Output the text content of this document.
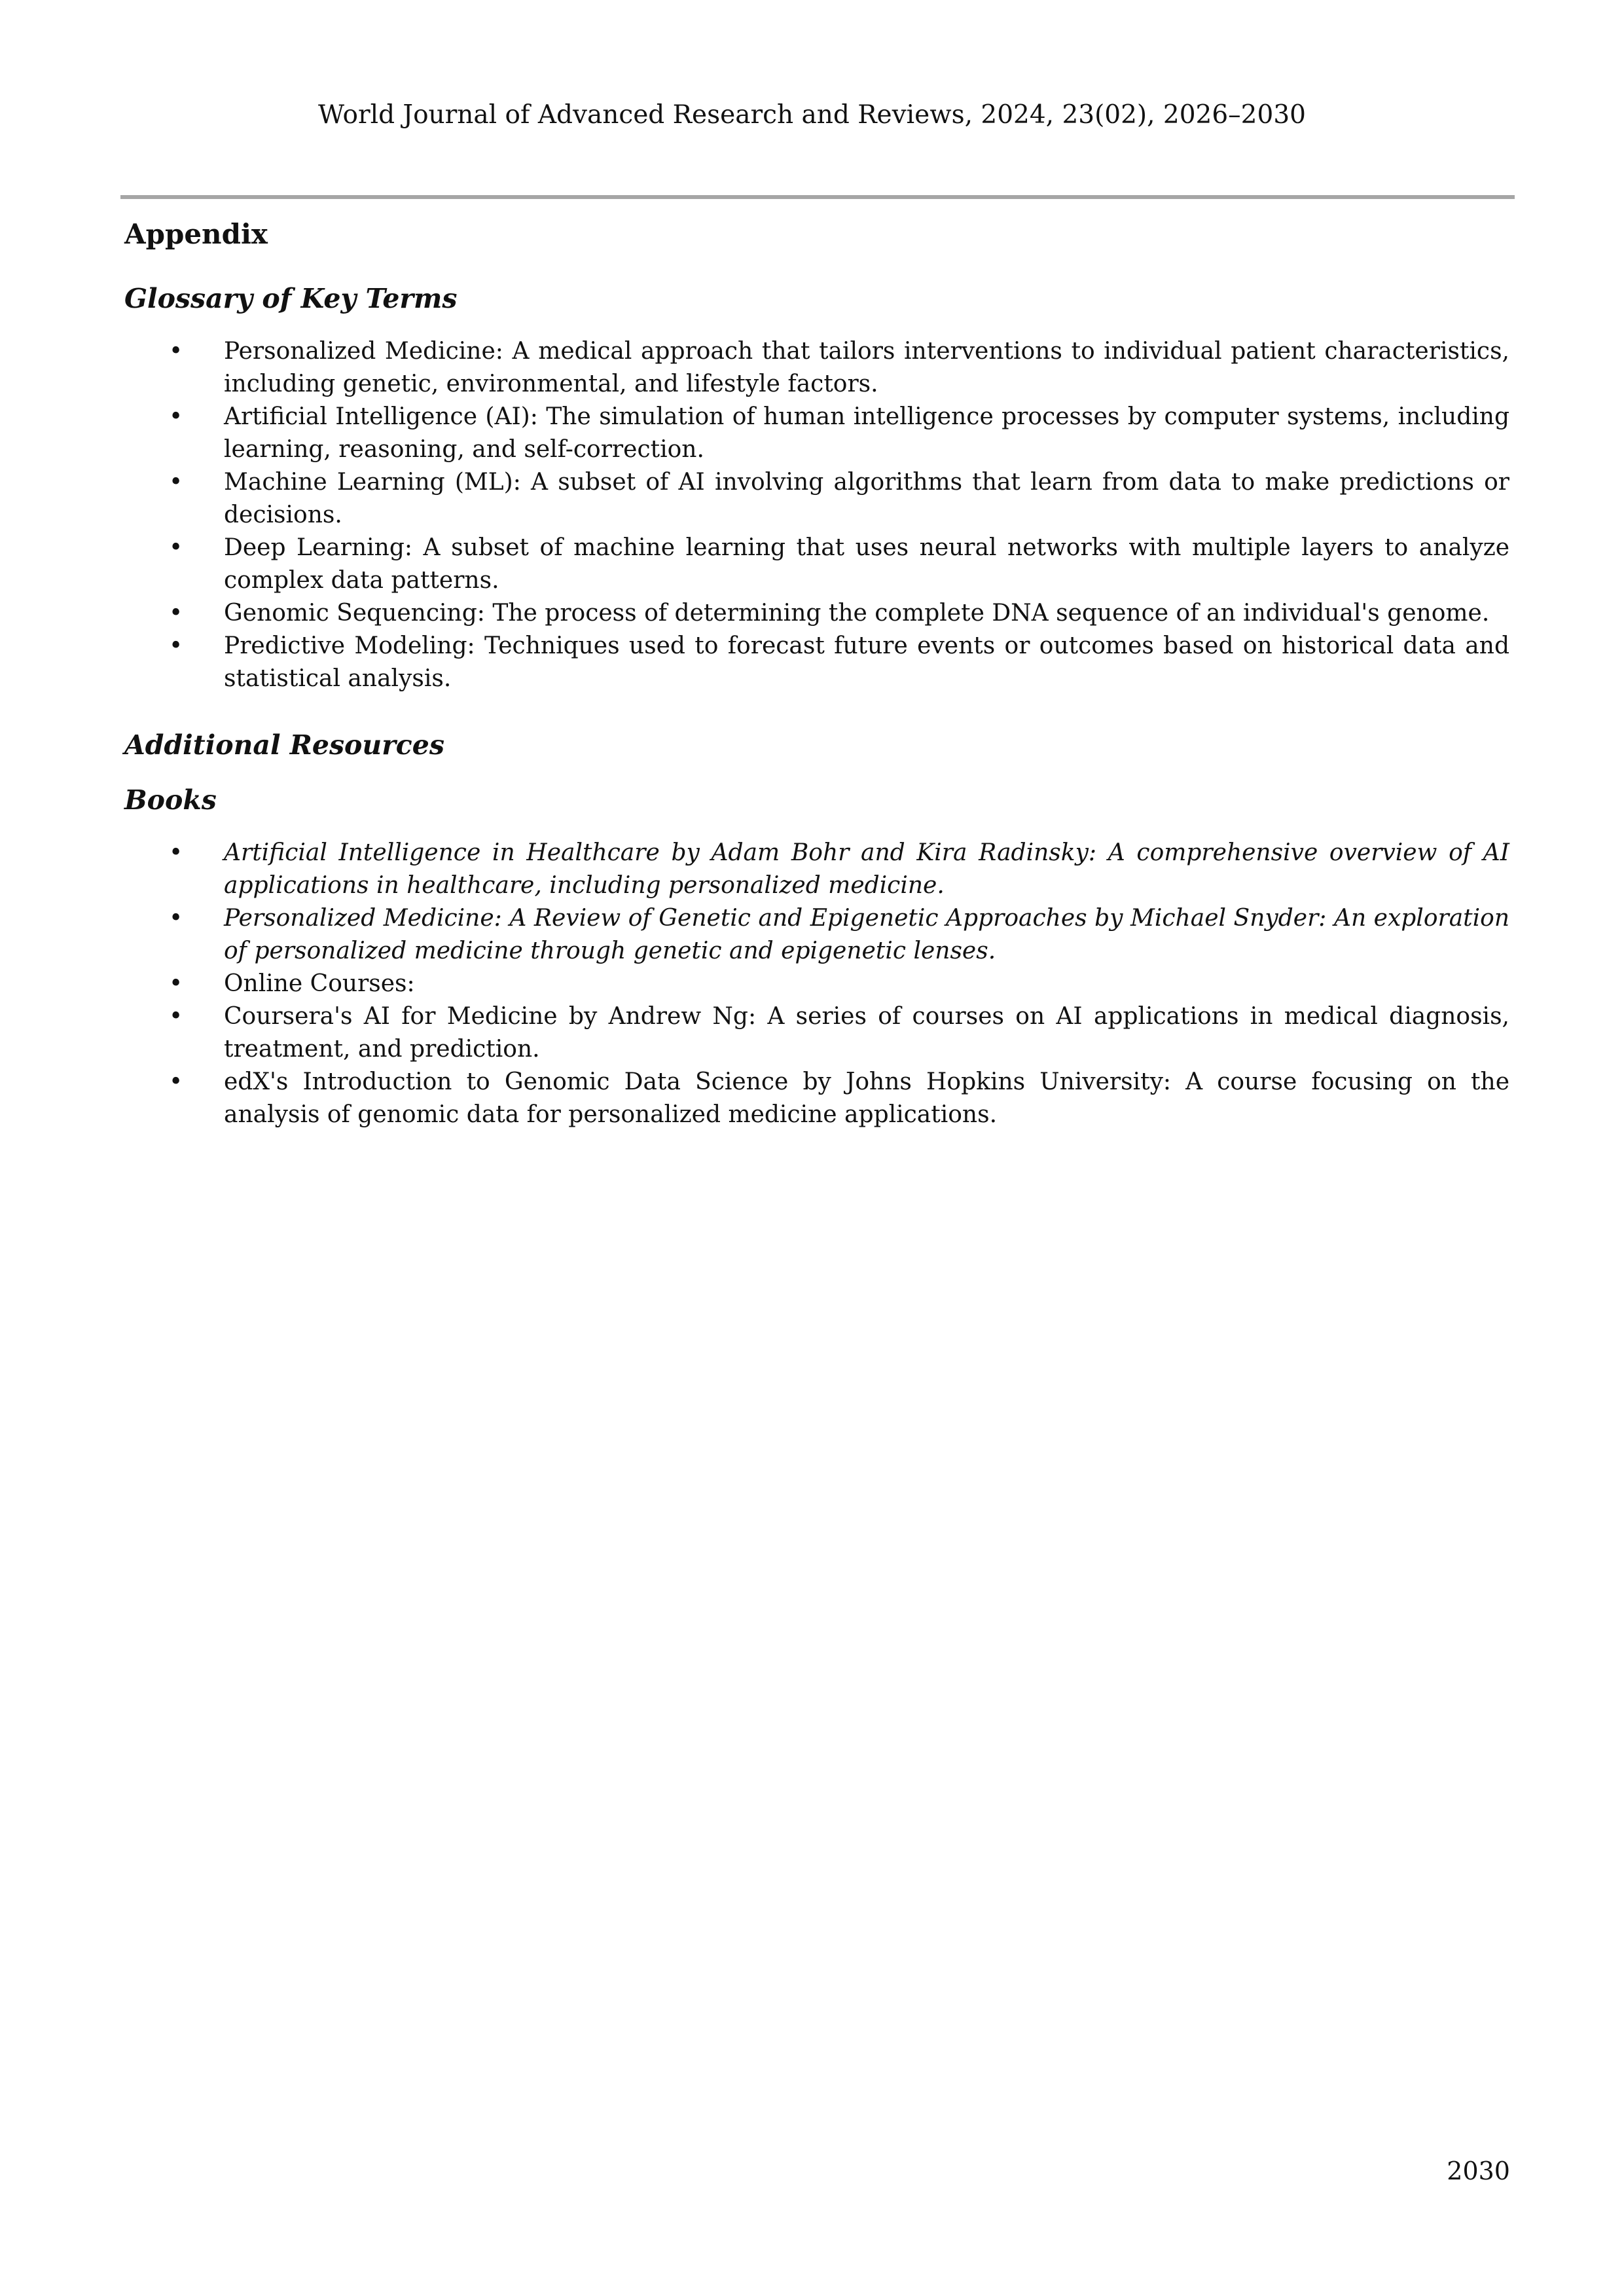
World Journal of Advanced Research and Reviews, 2024, 23(02), 2026–2030
Appendix
Glossary of Key Terms
• Personalized Medicine: A medical approach that tailors interventions to individual patient characteristics, including genetic, environmental, and lifestyle factors.
• Artificial Intelligence (AI): The simulation of human intelligence processes by computer systems, including learning, reasoning, and self-correction.
• Machine Learning (ML): A subset of AI involving algorithms that learn from data to make predictions or decisions.
• Deep Learning: A subset of machine learning that uses neural networks with multiple layers to analyze complex data patterns.
• Genomic Sequencing: The process of determining the complete DNA sequence of an individual's genome.
• Predictive Modeling: Techniques used to forecast future events or outcomes based on historical data and statistical analysis.
Additional Resources
Books
• Artificial Intelligence in Healthcare by Adam Bohr and Kira Radinsky: A comprehensive overview of AI applications in healthcare, including personalized medicine.
• Personalized Medicine: A Review of Genetic and Epigenetic Approaches by Michael Snyder: An exploration of personalized medicine through genetic and epigenetic lenses.
• Online Courses:
• Coursera's AI for Medicine by Andrew Ng: A series of courses on AI applications in medical diagnosis, treatment, and prediction.
• edX's Introduction to Genomic Data Science by Johns Hopkins University: A course focusing on the analysis of genomic data for personalized medicine applications.
2030
